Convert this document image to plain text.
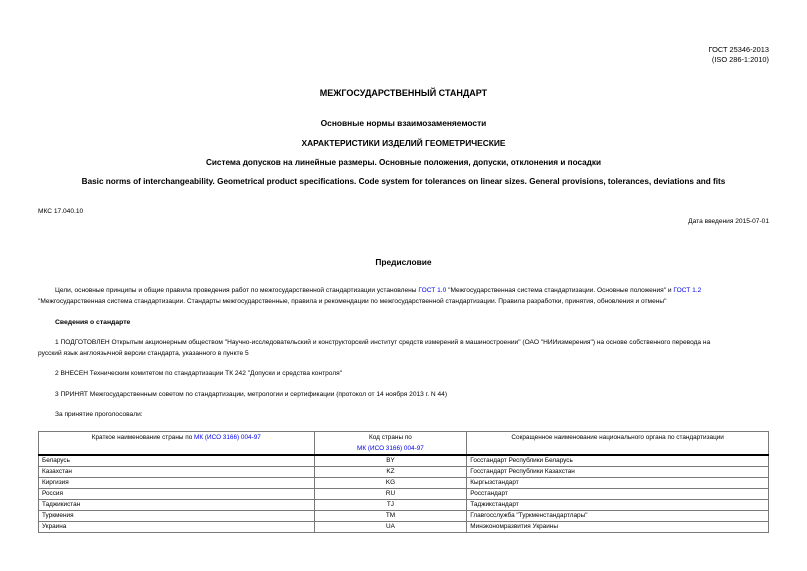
ГОСТ 25346-2013
(ISO 286-1:2010)
МЕЖГОСУДАРСТВЕННЫЙ СТАНДАРТ
Основные нормы взаимозаменяемости
ХАРАКТЕРИСТИКИ ИЗДЕЛИЙ ГЕОМЕТРИЧЕСКИЕ
Система допусков на линейные размеры. Основные положения, допуски, отклонения и посадки
Basic norms of interchangeability. Geometrical product specifications. Code system for tolerances on linear sizes. General provisions, tolerances, deviations and fits
МКС 17.040.10
Дата введения 2015-07-01
Предисловие
Цели, основные принципы и общие правила проведения работ по межгосударственной стандартизации установлены ГОСТ 1.0 "Межгосударственная система стандартизации. Основные положения" и ГОСТ 1.2
"Межгосударственная система стандартизации. Стандарты межгосударственные, правила и рекомендации по межгосударственной стандартизации. Правила разработки, принятия, обновления и отмены"
Сведения о стандарте
1 ПОДГОТОВЛЕН Открытым акционерным обществом "Научно-исследовательский и конструкторский институт средств измерений в машиностроении" (ОАО "НИИизмерения") на основе собственного перевода на
русский язык англоязычной версии стандарта, указанного в пункте 5
2 ВНЕСЕН Техническим комитетом по стандартизации ТК 242 "Допуски и средства контроля"
3 ПРИНЯТ Межгосударственным советом по стандартизации, метрологии и сертификации (протокол от 14 ноября 2013 г. N 44)
За принятие проголосовали:
Краткое наименование страны по МК (ИСО 3166) 004-97	Код страны по	Сокращенное наименование национального органа по стандартизации
	МК (ИСО 3166) 004-97	
Беларусь	BY	Госстандарт Республики Беларусь
Казахстан	KZ	Госстандарт Республики Казахстан
Киргизия	KG	Кыргызстандарт
Россия	RU	Росстандарт
Таджикистан	TJ	Таджикстандарт
Туркмения	TM	Главгосслужба "Туркменстандартлары"
Украина	UA	Минэкономразвития Украины
